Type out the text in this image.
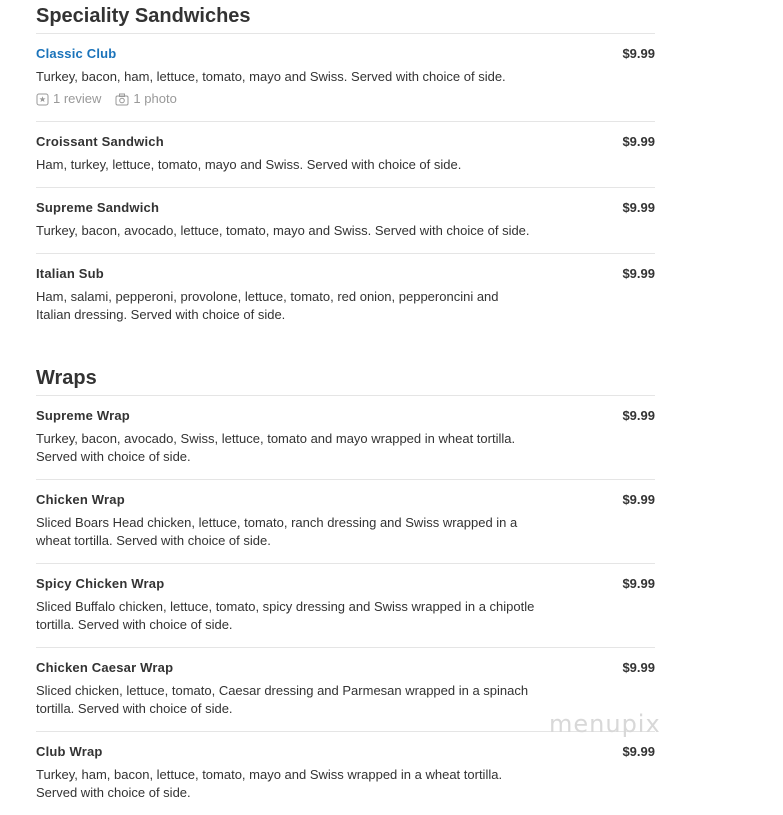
Speciality Sandwiches
Classic Club	$9.99
Turkey, bacon, ham, lettuce, tomato, mayo and Swiss. Served with choice of side.
1 review 1 photo
Croissant Sandwich	$9.99
Ham, turkey, lettuce, tomato, mayo and Swiss. Served with choice of side.
Supreme Sandwich	$9.99
Turkey, bacon, avocado, lettuce, tomato, mayo and Swiss. Served with choice of side.
Italian Sub	$9.99
Ham, salami, pepperoni, provolone, lettuce, tomato, red onion, pepperoncini and Italian dressing. Served with choice of side.
Wraps
Supreme Wrap	$9.99
Turkey, bacon, avocado, Swiss, lettuce, tomato and mayo wrapped in wheat tortilla. Served with choice of side.
Chicken Wrap	$9.99
Sliced Boars Head chicken, lettuce, tomato, ranch dressing and Swiss wrapped in a wheat tortilla. Served with choice of side.
Spicy Chicken Wrap	$9.99
Sliced Buffalo chicken, lettuce, tomato, spicy dressing and Swiss wrapped in a chipotle tortilla. Served with choice of side.
Chicken Caesar Wrap	$9.99
Sliced chicken, lettuce, tomato, Caesar dressing and Parmesan wrapped in a spinach tortilla. Served with choice of side.
Club Wrap	$9.99
Turkey, ham, bacon, lettuce, tomato, mayo and Swiss wrapped in a wheat tortilla. Served with choice of side.
menupix
